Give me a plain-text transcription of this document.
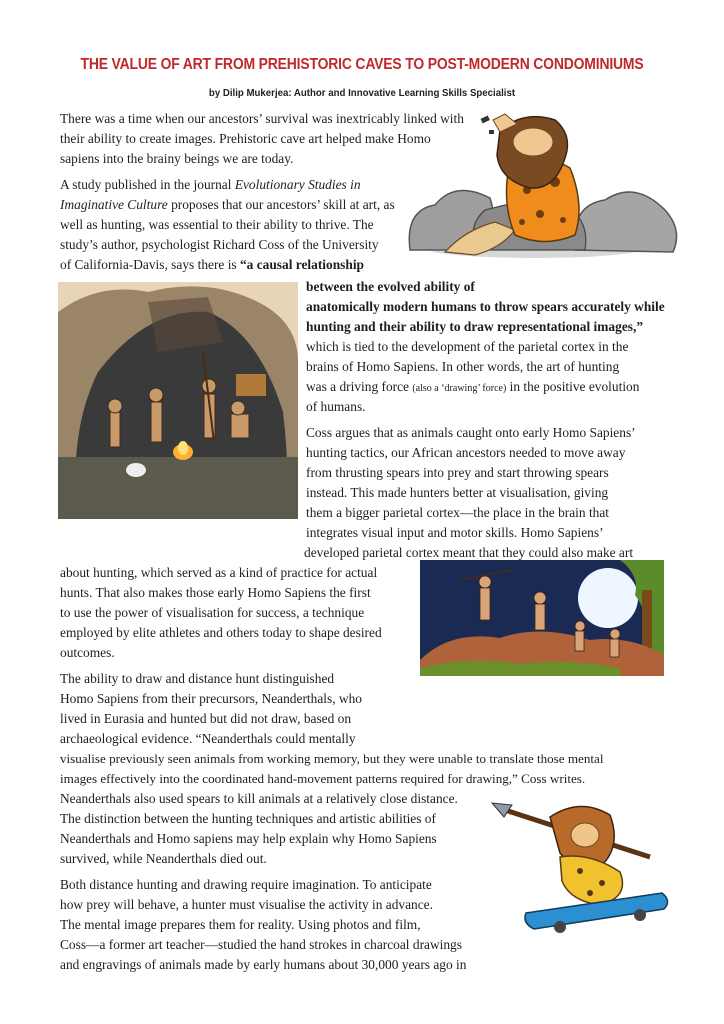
THE VALUE OF ART FROM PREHISTORIC CAVES TO POST-MODERN CONDOMINIUMS
by Dilip Mukerjea: Author and Innovative Learning Skills Specialist
There was a time when our ancestors’ survival was inextricably linked with
their ability to create images. Prehistoric cave art helped make Homo
sapiens into the brainy beings we are today.
A study published in the journal Evolutionary Studies in
Imaginative Culture proposes that our ancestors’ skill at art, as
well as hunting, was essential to their ability to thrive. The
study’s author, psychologist Richard Coss of the University
of California-Davis, says there is “a causal relationship
between the evolved ability of
anatomically modern humans to throw spears accurately while
hunting and their ability to draw representational images,”
which is tied to the development of the parietal cortex in the
brains of Homo Sapiens. In other words, the art of hunting
was a driving force (also a ‘drawing’ force) in the positive evolution
of humans.
Coss argues that as animals caught onto early Homo Sapiens’
hunting tactics, our African ancestors needed to move away
from thrusting spears into prey and start throwing spears
instead. This made hunters better at visualisation, giving
them a bigger parietal cortex—the place in the brain that
integrates visual input and motor skills. Homo Sapiens’
developed parietal cortex meant that they could also make art
about hunting, which served as a kind of practice for actual
hunts. That also makes those early Homo Sapiens the first
to use the power of visualisation for success, a technique
employed by elite athletes and others today to shape desired
outcomes.
The ability to draw and distance hunt distinguished
Homo Sapiens from their precursors, Neanderthals, who
lived in Eurasia and hunted but did not draw, based on
archaeological evidence. “Neanderthals could mentally
visualise previously seen animals from working memory, but they were unable to translate those mental
images effectively into the coordinated hand-movement patterns required for drawing,” Coss writes.
Neanderthals also used spears to kill animals at a relatively close distance.
The distinction between the hunting techniques and artistic abilities of
Neanderthals and Homo sapiens may help explain why Homo Sapiens
survived, while Neanderthals died out.
Both distance hunting and drawing require imagination. To anticipate
how prey will behave, a hunter must visualise the activity in advance.
The mental image prepares them for reality. Using photos and film,
Coss—a former art teacher—studied the hand strokes in charcoal drawings
and engravings of animals made by early humans about 30,000 years ago in
